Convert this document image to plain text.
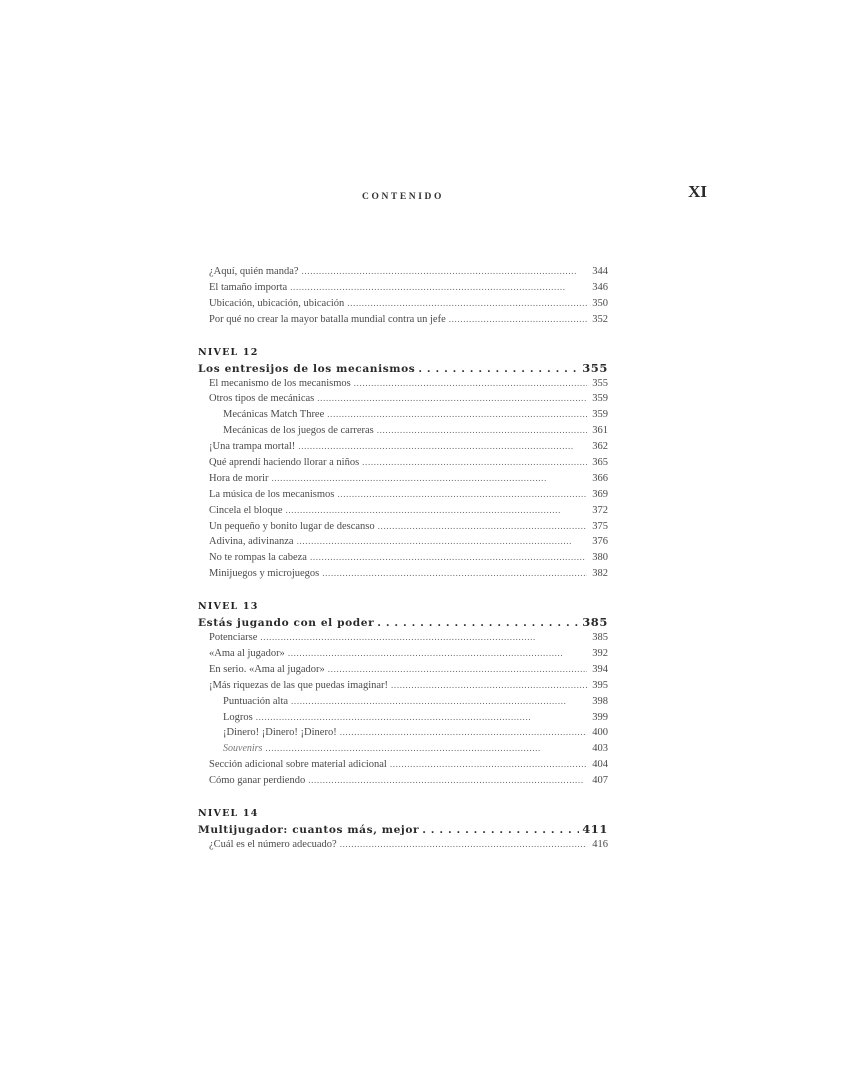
CONTENIDO	XI
¿Aquí, quién manda? . . .	344
El tamaño importa . . .	346
Ubicación, ubicación, ubicación . . .	350
Por qué no crear la mayor batalla mundial contra un jefe . . .	352
NIVEL 12
Los entresijos de los mecanismos . . .	355
El mecanismo de los mecanismos . . .	355
Otros tipos de mecánicas . . .	359
Mecánicas Match Three . . .	359
Mecánicas de los juegos de carreras . . .	361
¡Una trampa mortal! . . .	362
Qué aprendí haciendo llorar a niños . . .	365
Hora de morir . . .	366
La música de los mecanismos . . .	369
Cincela el bloque . . .	372
Un pequeño y bonito lugar de descanso . . .	375
Adivina, adivinanza . . .	376
No te rompas la cabeza . . .	380
Minijuegos y microjuegos . . .	382
NIVEL 13
Estás jugando con el poder . . .	385
Potenciarse . . .	385
«Ama al jugador» . . .	392
En serio. «Ama al jugador» . . .	394
¡Más riquezas de las que puedas imaginar! . . .	395
Puntuación alta . . .	398
Logros . . .	399
¡Dinero! ¡Dinero! ¡Dinero! . . .	400
Souvenirs . . .	403
Sección adicional sobre material adicional . . .	404
Cómo ganar perdiendo . . .	407
NIVEL 14
Multijugador: cuantos más, mejor . . .	411
¿Cuál es el número adecuado? . . .	416
